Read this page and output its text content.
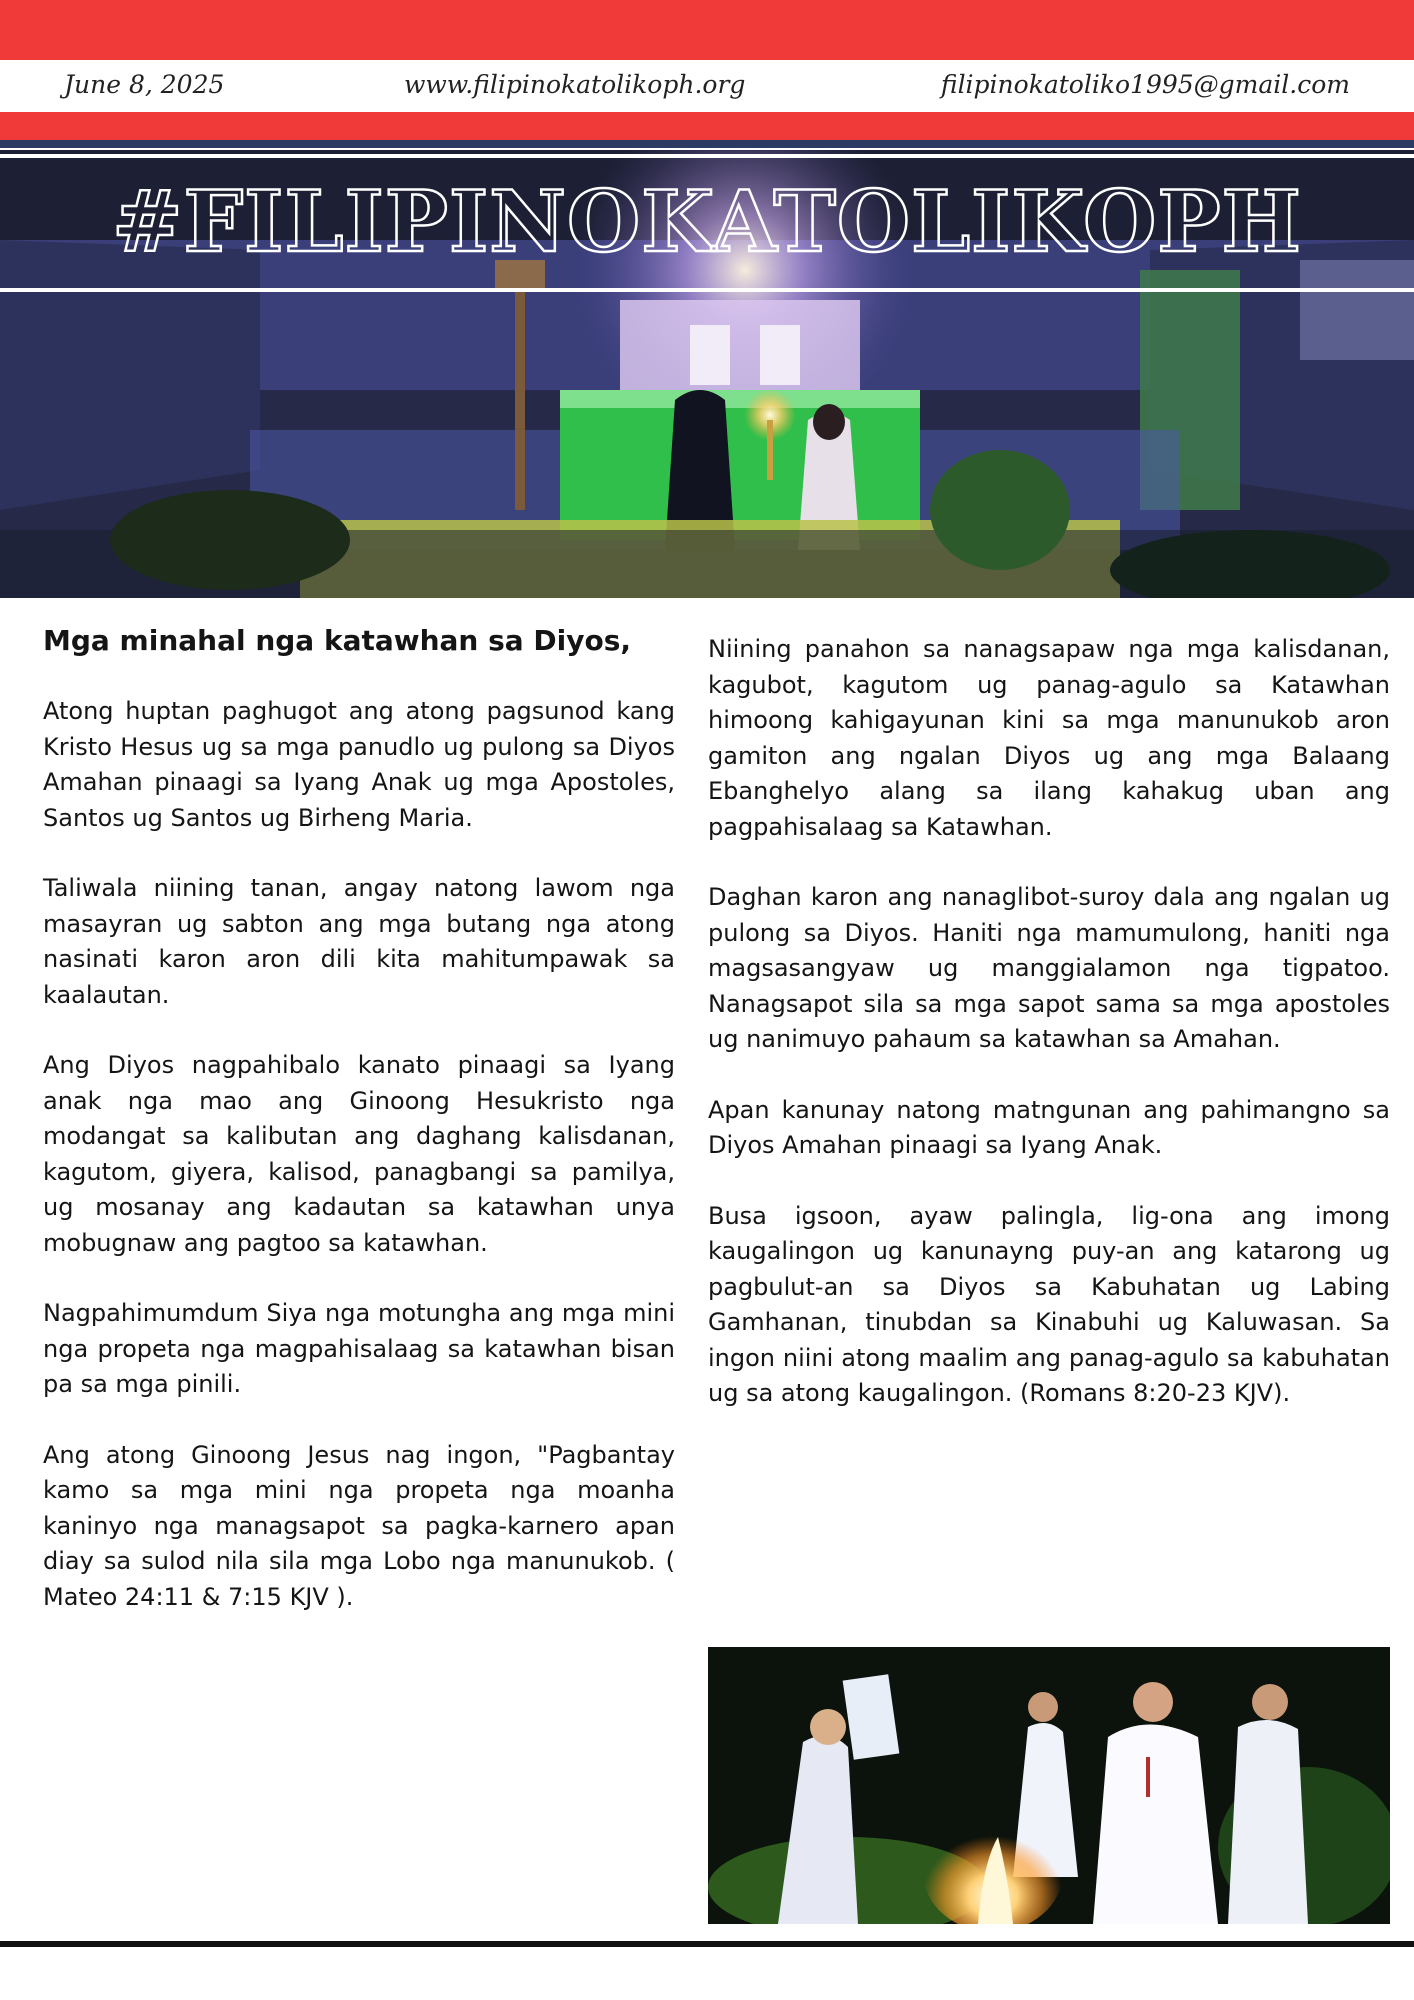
June 8, 2025	www.filipinokatolikoph.org	filipinokatoliko1995@gmail.com
#FILIPINOKATOLIKOPH

Mga minahal nga katawhan sa Diyos,

Atong huptan paghugot ang atong pagsunod kang Kristo Hesus ug sa mga panudlo ug pulong sa Diyos Amahan pinaagi sa Iyang Anak ug mga Apostoles, Santos ug Santos ug Birheng Maria.

Taliwala niining tanan, angay natong lawom nga masayran ug sabton ang mga butang nga atong nasinati karon aron dili kita mahitumpawak sa kaalautan.

Ang Diyos nagpahibalo kanato pinaagi sa Iyang anak nga mao ang Ginoong Hesukristo nga modangat sa kalibutan ang daghang kalisdanan, kagutom, giyera, kalisod, panagbangi sa pamilya, ug mosanay ang kadautan sa katawhan unya mobugnaw ang pagtoo sa katawhan.

Nagpahimumdum Siya nga motungha ang mga mini nga propeta nga magpahisalaag sa katawhan bisan pa sa mga pinili.

Ang atong Ginoong Jesus nag ingon, "Pagbantay kamo sa mga mini nga propeta nga moanha kaninyo nga managsapot sa pagka-karnero apan diay sa sulod nila sila mga Lobo nga manunukob. ( Mateo 24:11 & 7:15 KJV ).

Niining panahon sa nanagsapaw nga mga kalisdanan, kagubot, kagutom ug panag-agulo sa Katawhan himoong kahigayunan kini sa mga manunukob aron gamiton ang ngalan Diyos ug ang mga Balaang Ebanghelyo alang sa ilang kahakug uban ang pagpahisalaag sa Katawhan.

Daghan karon ang nanaglibot-suroy dala ang ngalan ug pulong sa Diyos. Haniti nga mamumulong, haniti nga magsasangyaw ug manggialamon nga tigpatoo. Nanagsapot sila sa mga sapot sama sa mga apostoles ug nanimuyo pahaum sa katawhan sa Amahan.

Apan kanunay natong matngunan ang pahimangno sa Diyos Amahan pinaagi sa Iyang Anak.

Busa igsoon, ayaw palingla, lig-ona ang imong kaugalingon ug kanunayng puy-an ang katarong ug pagbulut-an sa Diyos sa Kabuhatan ug Labing Gamhanan, tinubdan sa Kinabuhi ug Kaluwasan. Sa ingon niini atong maalim ang panag-agulo sa kabuhatan ug sa atong kaugalingon. (Romans 8:20-23 KJV).
